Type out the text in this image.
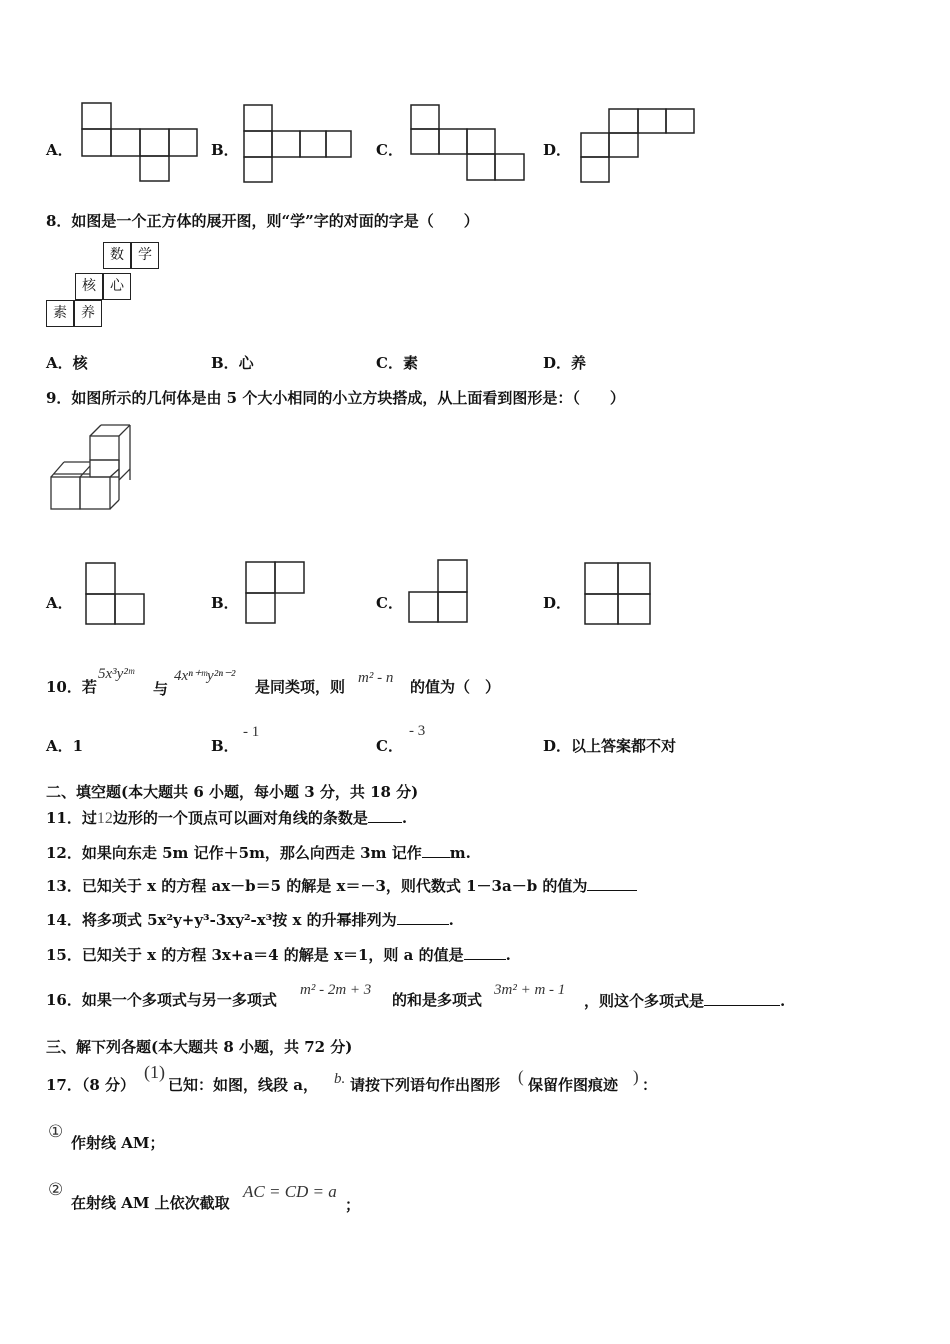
A．	B．	C．	D．
8．如图是一个正方体的展开图，则“学”字的对面的字是（　　）
数	学
核	心
素	养
A．核	B．心	C．素	D．养
9．如图所示的几何体是由 5 个大小相同的小立方块搭成，从上面看到图形是：（　　）
A．	B．	C．	D．
10．若
5x³y²ᵐ
与
4xⁿ⁺ᵐy²ⁿ⁻²
是同类项，则 m² - n 的值为（　）
A．1	B．
- 1
C．
- 3
D．以上答案都不对
二、填空题(本大题共 6 小题，每小题 3 分，共 18 分)
11．过12边形的一个顶点可以画对角线的条数是 .
12．如果向东走 5m 记作＋5m，那么向西走 3m 记作 m.
13．已知关于 x 的方程 ax－b＝5 的解是 x＝－3，则代数式 1－3a－b 的值为
14．将多项式 5x²y+y³-3xy²-x³按 x 的升幂排列为	.
15．已知关于 x 的方程 3x+a＝4 的解是 x＝1，则 a 的值是	.
16．如果一个多项式与另一多项式
m² - 2m + 3
的和是多项式
3m² + m - 1
，则这个多项式是	.
三、解下列各题(本大题共 8 小题，共 72 分)
17．（8 分）
(1)
已知：如图，线段 a， b. 请按下列语句作出图形 ( 保留作图痕迹 ) ：
①
作射线 AM；
②
在射线 AM 上依次截取
AC = CD = a
；
